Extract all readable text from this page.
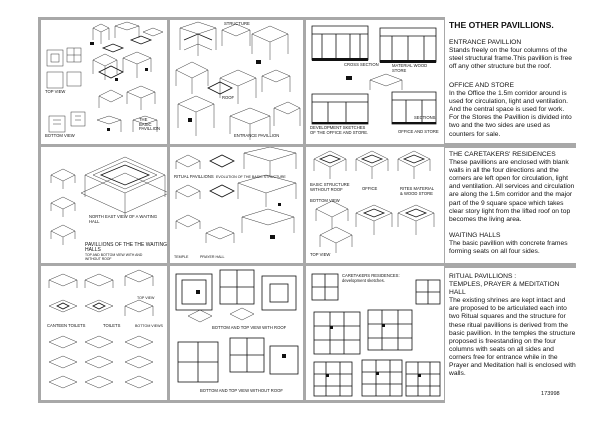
TOP VIEW
THE
BASIC
PAVILLION
BOTTOM VIEW
STRUCTURE
ROOF
ENTRANCE PAVILLION
CROSS SECTION	MATERIAL WOOD
STORE
DEVELOPMENT SKETCHES
OF THE OFFICE AND STORE.
SECTIONS
OFFICE AND STORE
NORTH EAST VIEW OF A WAITING
HALL
PAVILLIONS OF THE THE WAITING
HALLS
TOP AND BOTTOM VIEW WITH AND
WITHOUT ROOF
RITUAL PAVILLIONS EVOLUTION OF THE BASIC STRUCTURE
TEMPLE	PRAYER HALL
BASIC STRUCTURE
WITHOUT ROOF	OFFICE	RITES MATERIAL
& WOOD STORE
BOTTOM VIEW
TOP VIEW
TOP VIEW
CANTEEN TOILETS	TOILETS	BOTTOM VIEWS	BOTTOM AND TOP VIEW WITH ROOF
BOTTOM AND TOP VIEW WITHOUT ROOF
CARETAKERS RESIDENCES:
development sketches.
THE OTHER PAVILLIONS.
ENTRANCE PAVILLION
Stands freely on the four columns of the steel structural frame.This pavillion is free off any other structure but the roof.
OFFICE AND STORE
In the Office the 1.5m corridor around is used for circulation, light and ventilation. And the central space is used for work. For the Stores the Pavillion is divided into two and the two sides are used as counters for sale.
THE CARETAKERS' RESIDENCES
These pavillions are enclosed with blank walls in all the four directions and the corners are left open for circulation, light and ventilation. All services and circulation are along the 1.5m corridor and the major part of the 9 square space which takes clear story light from the lifted roof on top becomes the living area.
WAITING HALLS
The basic pavillion with concrete frames forming seats on all four sides.
RITUAL PAVILLIONS :
TEMPLES, PRAYER & MEDITATION HALL
The existing shrines are kept intact and are proposed to be articulated each into two Ritual squares and the structure for these ritual pavillions is derived from the basic pavillion. In the temples the structure proposed is freestanding on the four columns with seats on all sides and corners free for entrance while in the Prayer and Meditation hall is enclosed with walls.
173998
